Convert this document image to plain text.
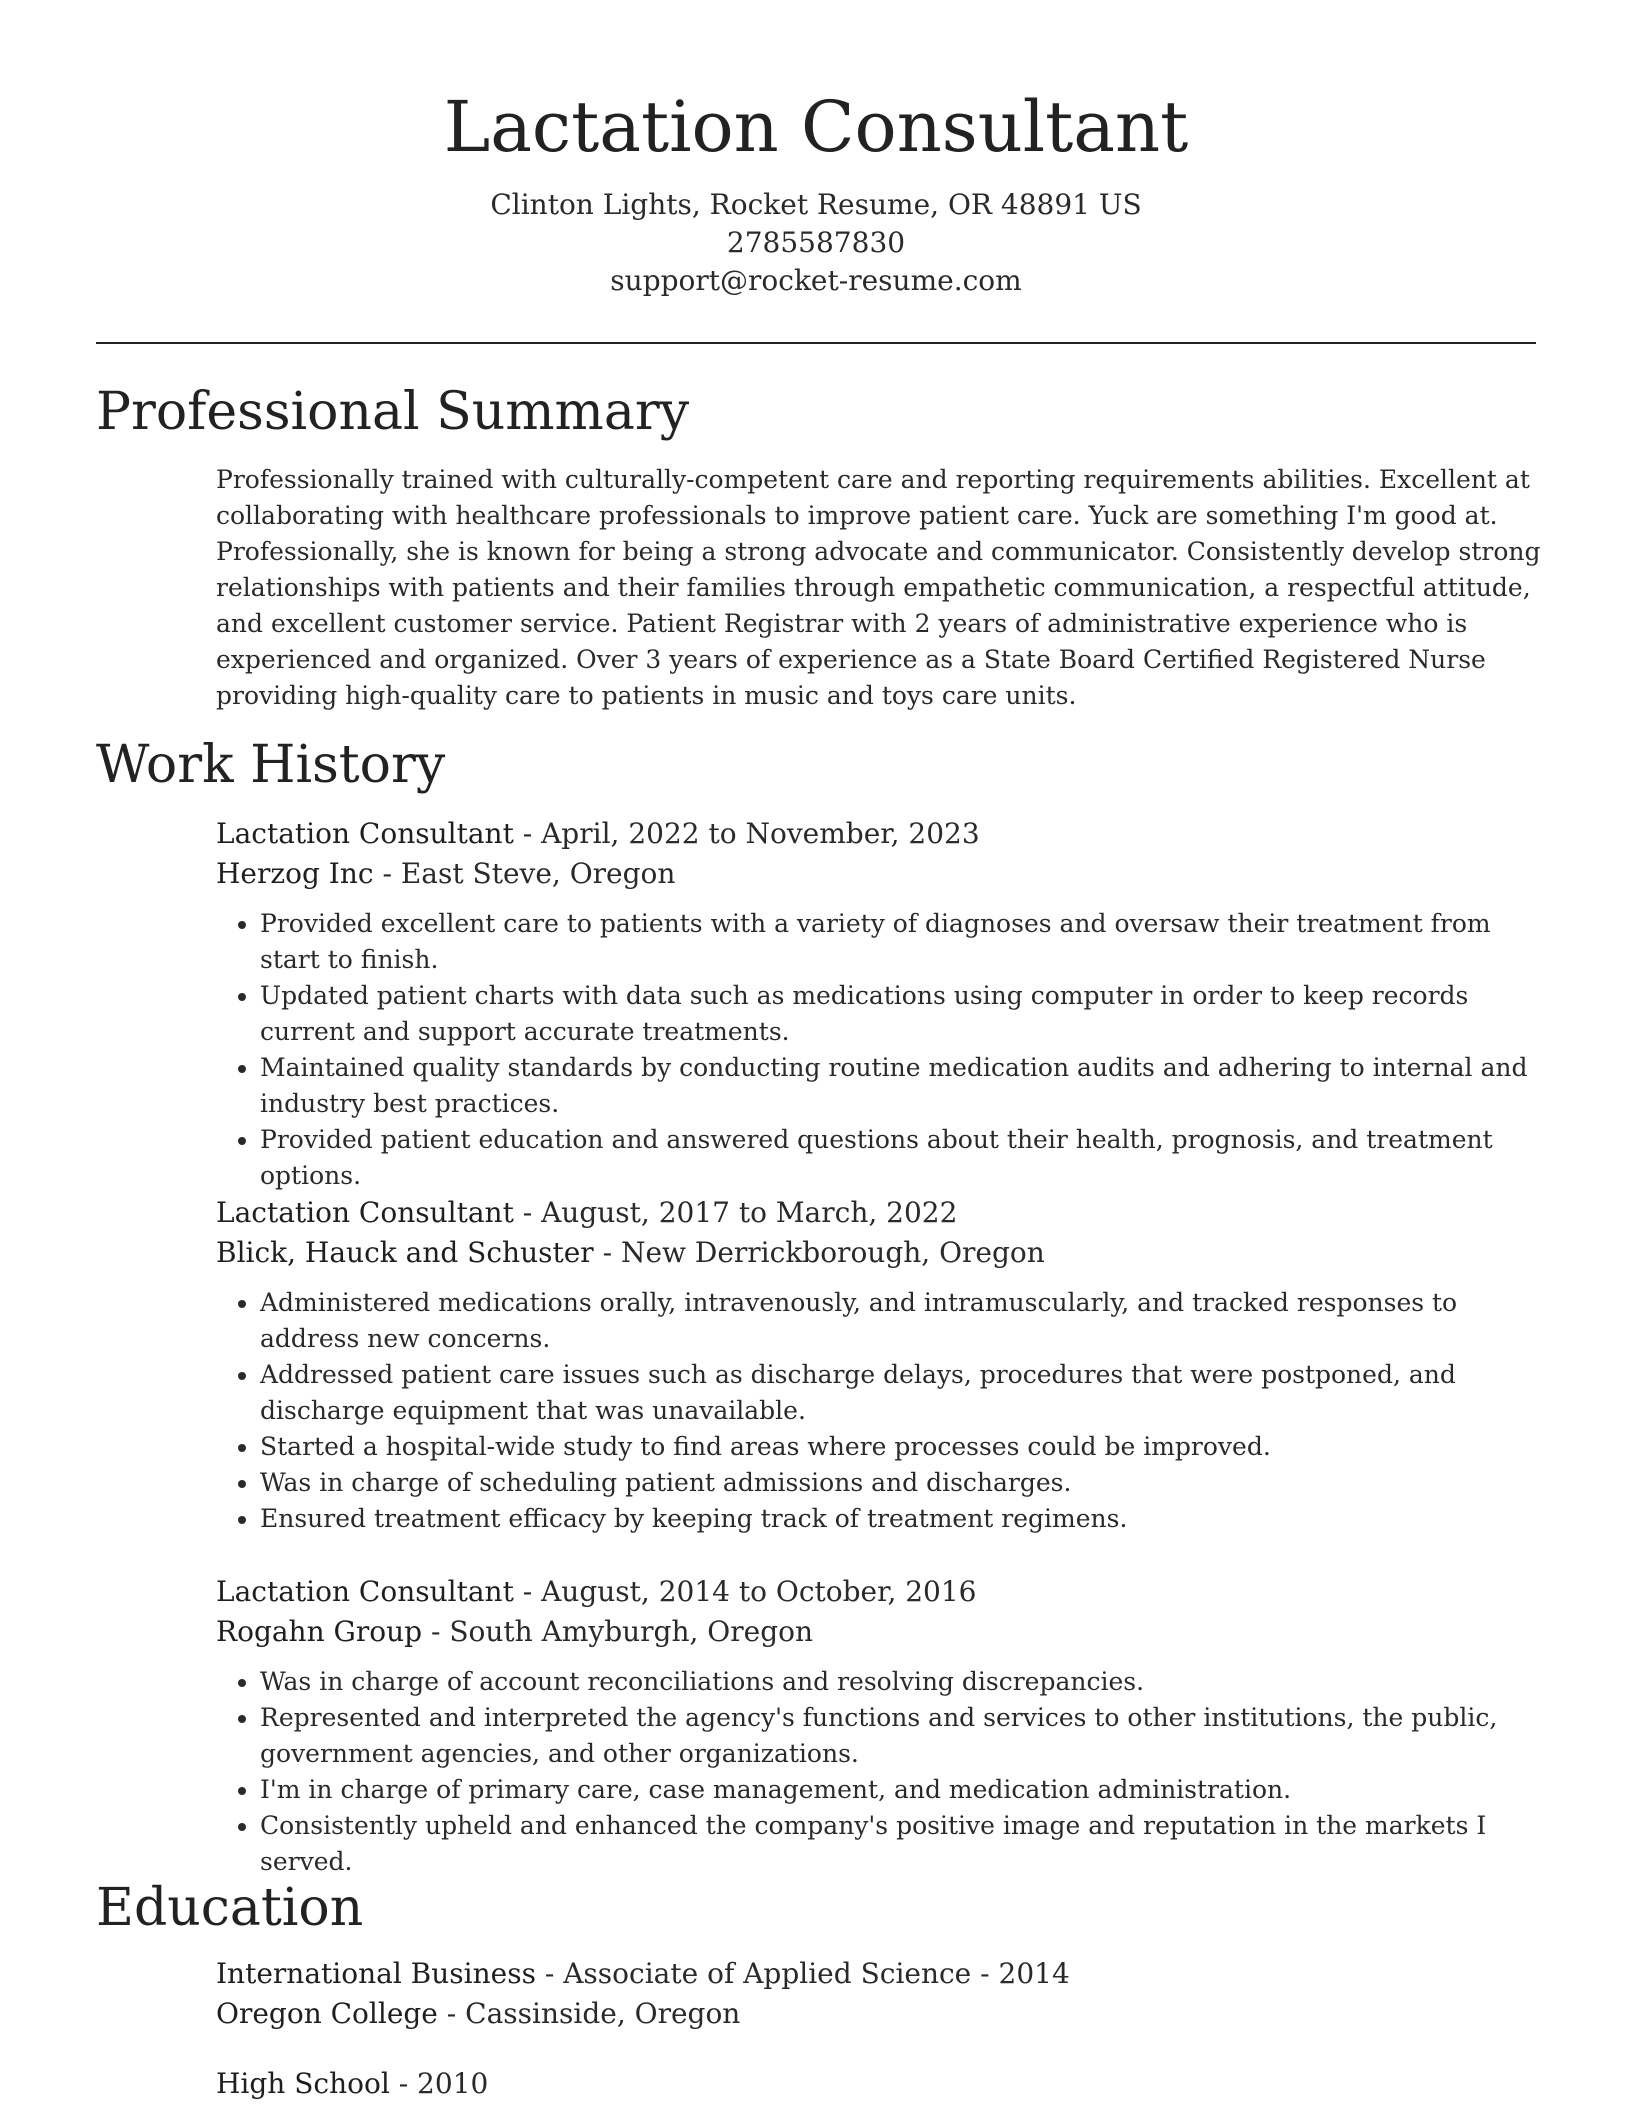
Lactation Consultant
Clinton Lights, Rocket Resume, OR 48891 US
2785587830
support@rocket-resume.com
Professional Summary

Professionally trained with culturally-competent care and reporting requirements abilities. Excellent at collaborating with healthcare professionals to improve patient care. Yuck are something I'm good at. Professionally, she is known for being a strong advocate and communicator. Consistently develop strong relationships with patients and their families through empathetic communication, a respectful attitude, and excellent customer service. Patient Registrar with 2 years of administrative experience who is experienced and organized. Over 3 years of experience as a State Board Certified Registered Nurse providing high-quality care to patients in music and toys care units.

Work History
Lactation Consultant - April, 2022 to November, 2023
Herzog Inc - East Steve, Oregon
• Provided excellent care to patients with a variety of diagnoses and oversaw their treatment from start to finish.
• Updated patient charts with data such as medications using computer in order to keep records current and support accurate treatments.
• Maintained quality standards by conducting routine medication audits and adhering to internal and industry best practices.
• Provided patient education and answered questions about their health, prognosis, and treatment options.
Lactation Consultant - August, 2017 to March, 2022
Blick, Hauck and Schuster - New Derrickborough, Oregon
• Administered medications orally, intravenously, and intramuscularly, and tracked responses to address new concerns.
• Addressed patient care issues such as discharge delays, procedures that were postponed, and discharge equipment that was unavailable.
• Started a hospital-wide study to find areas where processes could be improved.
• Was in charge of scheduling patient admissions and discharges.
• Ensured treatment efficacy by keeping track of treatment regimens.
Lactation Consultant - August, 2014 to October, 2016
Rogahn Group - South Amyburgh, Oregon
• Was in charge of account reconciliations and resolving discrepancies.
• Represented and interpreted the agency's functions and services to other institutions, the public, government agencies, and other organizations.
• I'm in charge of primary care, case management, and medication administration.
• Consistently upheld and enhanced the company's positive image and reputation in the markets I served.
Education
International Business - Associate of Applied Science - 2014
Oregon College - Cassinside, Oregon
High School - 2010
